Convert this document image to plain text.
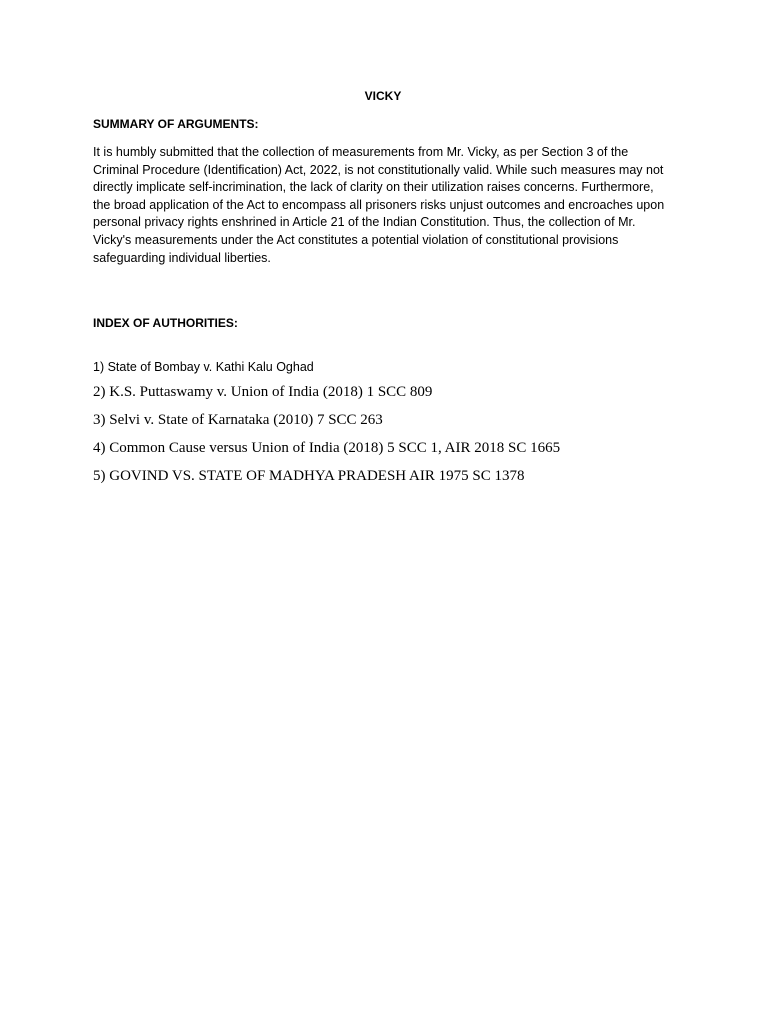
VICKY
SUMMARY OF ARGUMENTS:

It is humbly submitted that the collection of measurements from Mr. Vicky, as per Section 3 of the Criminal Procedure (Identification) Act, 2022, is not constitutionally valid. While such measures may not directly implicate self-incrimination, the lack of clarity on their utilization raises concerns. Furthermore, the broad application of the Act to encompass all prisoners risks unjust outcomes and encroaches upon personal privacy rights enshrined in Article 21 of the Indian Constitution. Thus, the collection of Mr. Vicky's measurements under the Act constitutes a potential violation of constitutional provisions safeguarding individual liberties.

INDEX OF AUTHORITIES:
1) State of Bombay v. Kathi Kalu Oghad
2) K.S. Puttaswamy v. Union of India (2018) 1 SCC 809
3) Selvi v. State of Karnataka (2010) 7 SCC 263
4) Common Cause versus Union of India (2018) 5 SCC 1, AIR 2018 SC 1665
5) GOVIND VS. STATE OF MADHYA PRADESH AIR 1975 SC 1378
